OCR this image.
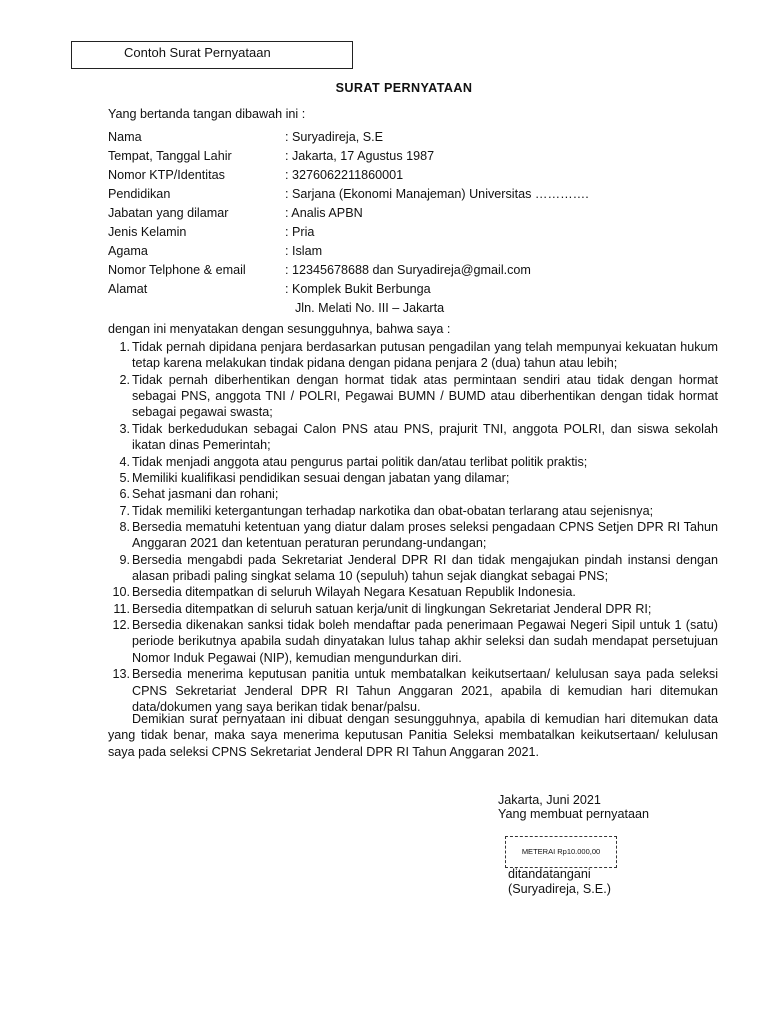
Contoh Surat Pernyataan
SURAT PERNYATAAN
Yang bertanda tangan dibawah ini :
Nama	: Suryadireja, S.E
Tempat, Tanggal Lahir	: Jakarta, 17 Agustus 1987
Nomor KTP/Identitas	: 3276062211860001
Pendidikan	: Sarjana (Ekonomi Manajeman) Universitas ………….
Jabatan yang dilamar	: Analis APBN
Jenis Kelamin	: Pria
Agama	: Islam
Nomor Telphone & email	: 12345678688 dan Suryadireja@gmail.com
Alamat	: Komplek Bukit Berbunga
Jln. Melati No. III – Jakarta
dengan ini menyatakan dengan sesungguhnya, bahwa saya :
1. Tidak pernah dipidana penjara berdasarkan putusan pengadilan yang telah mempunyai kekuatan hukum tetap karena melakukan tindak pidana dengan pidana penjara 2 (dua) tahun atau lebih;
2. Tidak pernah diberhentikan dengan hormat tidak atas permintaan sendiri atau tidak dengan hormat sebagai PNS, anggota TNI / POLRI, Pegawai BUMN / BUMD atau diberhentikan dengan tidak hormat sebagai pegawai swasta;
3. Tidak berkedudukan sebagai Calon PNS atau PNS, prajurit TNI, anggota POLRI, dan siswa sekolah ikatan dinas Pemerintah;
4. Tidak menjadi anggota atau pengurus partai politik dan/atau terlibat politik praktis;
5. Memiliki kualifikasi pendidikan sesuai dengan jabatan yang dilamar;
6. Sehat jasmani dan rohani;
7. Tidak memiliki ketergantungan terhadap narkotika dan obat-obatan terlarang atau sejenisnya;
8. Bersedia mematuhi ketentuan yang diatur dalam proses seleksi pengadaan CPNS Setjen DPR RI Tahun Anggaran 2021 dan ketentuan peraturan perundang-undangan;
9. Bersedia mengabdi pada Sekretariat Jenderal DPR RI dan tidak mengajukan pindah instansi dengan alasan pribadi paling singkat selama 10 (sepuluh) tahun sejak diangkat sebagai PNS;
10. Bersedia ditempatkan di seluruh Wilayah Negara Kesatuan Republik Indonesia.
11. Bersedia ditempatkan di seluruh satuan kerja/unit di lingkungan Sekretariat Jenderal DPR RI;
12. Bersedia dikenakan sanksi tidak boleh mendaftar pada penerimaan Pegawai Negeri Sipil untuk 1 (satu) periode berikutnya apabila sudah dinyatakan lulus tahap akhir seleksi dan sudah mendapat persetujuan Nomor Induk Pegawai (NIP), kemudian mengundurkan diri.
13. Bersedia menerima keputusan panitia untuk membatalkan keikutsertaan/ kelulusan saya pada seleksi CPNS Sekretariat Jenderal DPR RI Tahun Anggaran 2021, apabila di kemudian hari ditemukan data/dokumen yang saya berikan tidak benar/palsu.
Demikian surat pernyataan ini dibuat dengan sesungguhnya, apabila di kemudian hari ditemukan data yang tidak benar, maka saya menerima keputusan Panitia Seleksi membatalkan keikutsertaan/ kelulusan saya pada seleksi CPNS Sekretariat Jenderal DPR RI Tahun Anggaran 2021.
Jakarta, Juni 2021
Yang membuat pernyataan
METERAI Rp10.000,00
ditandatangani
(Suryadireja, S.E.)
